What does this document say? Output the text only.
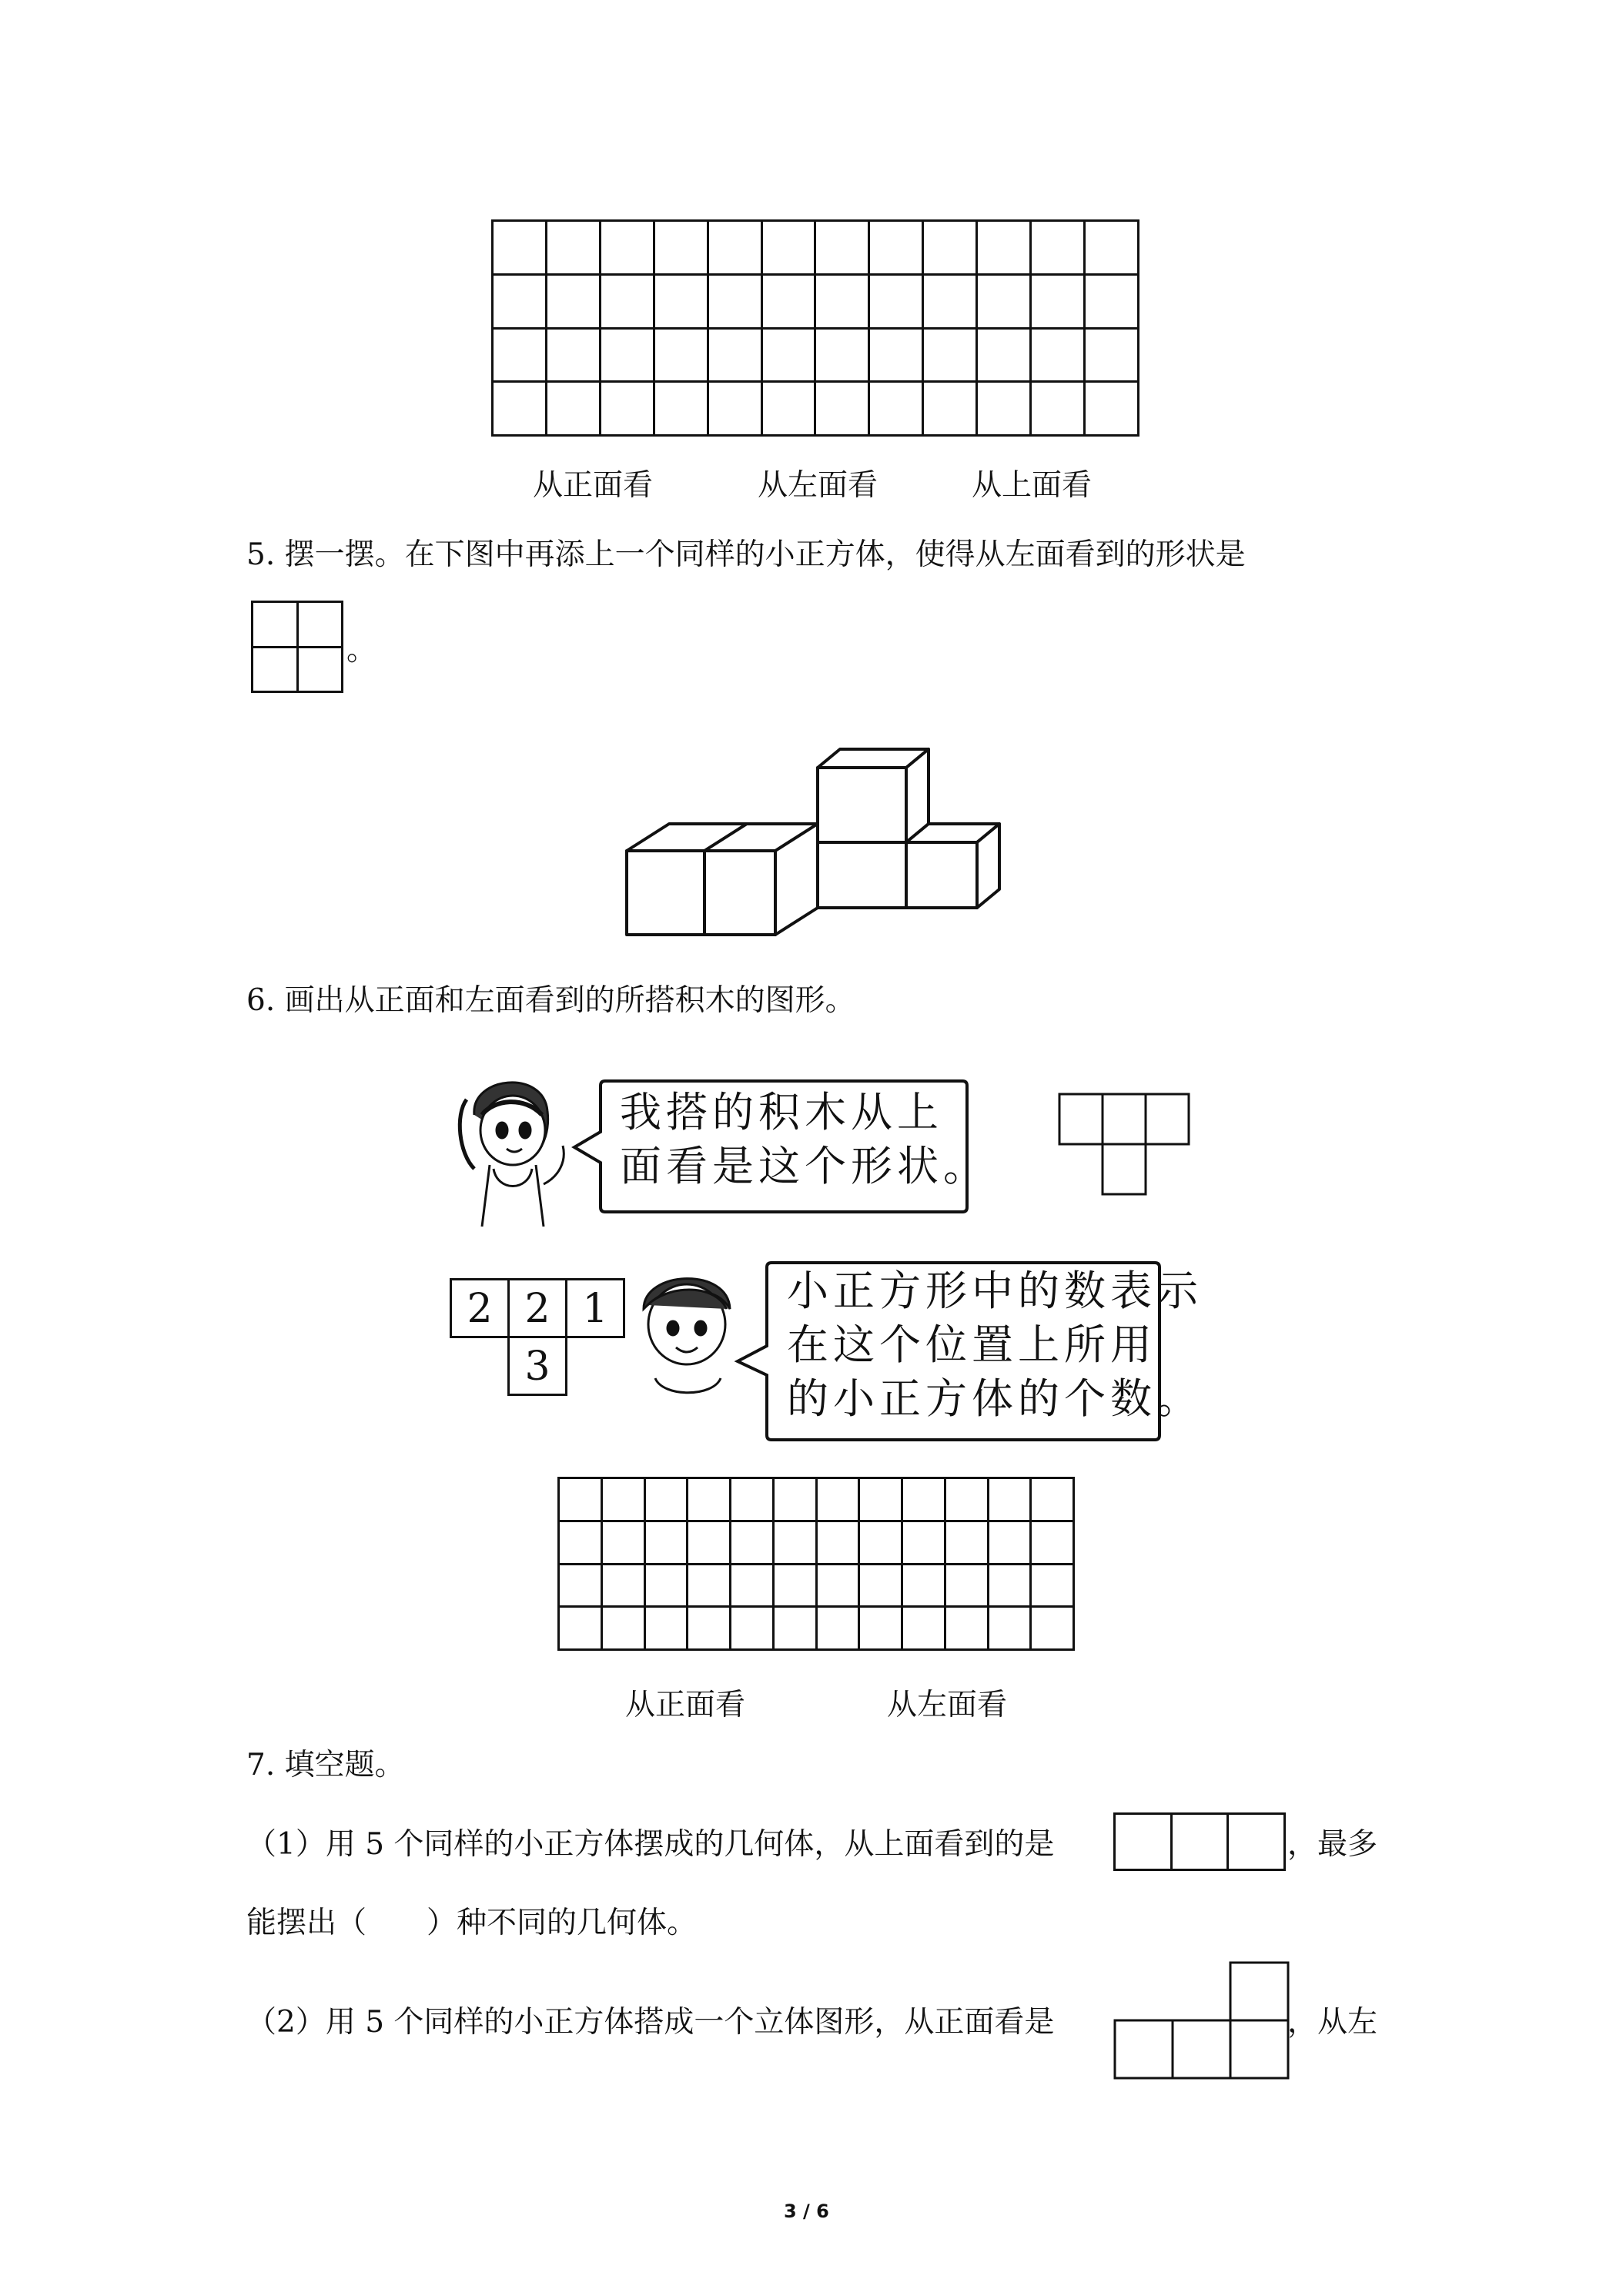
从正面看	从左面看	从上面看
5. 摆一摆。在下图中再添上一个同样的小正方体，使得从左面看到的形状是

。
6. 画出从正面和左面看到的所搭积木的图形。
我搭的积木从上
面看是这个形状。
2 2 1
3
小正方形中的数表示
在这个位置上所用
的小正方体的个数。

从正面看	从左面看
7. 填空题。
（1）用 5 个同样的小正方体摆成的几何体，从上面看到的是
			，最多
能摆出（　　）种不同的几何体。
（2）用 5 个同样的小正方体搭成一个立体图形，从正面看是	，从左
3 / 6
